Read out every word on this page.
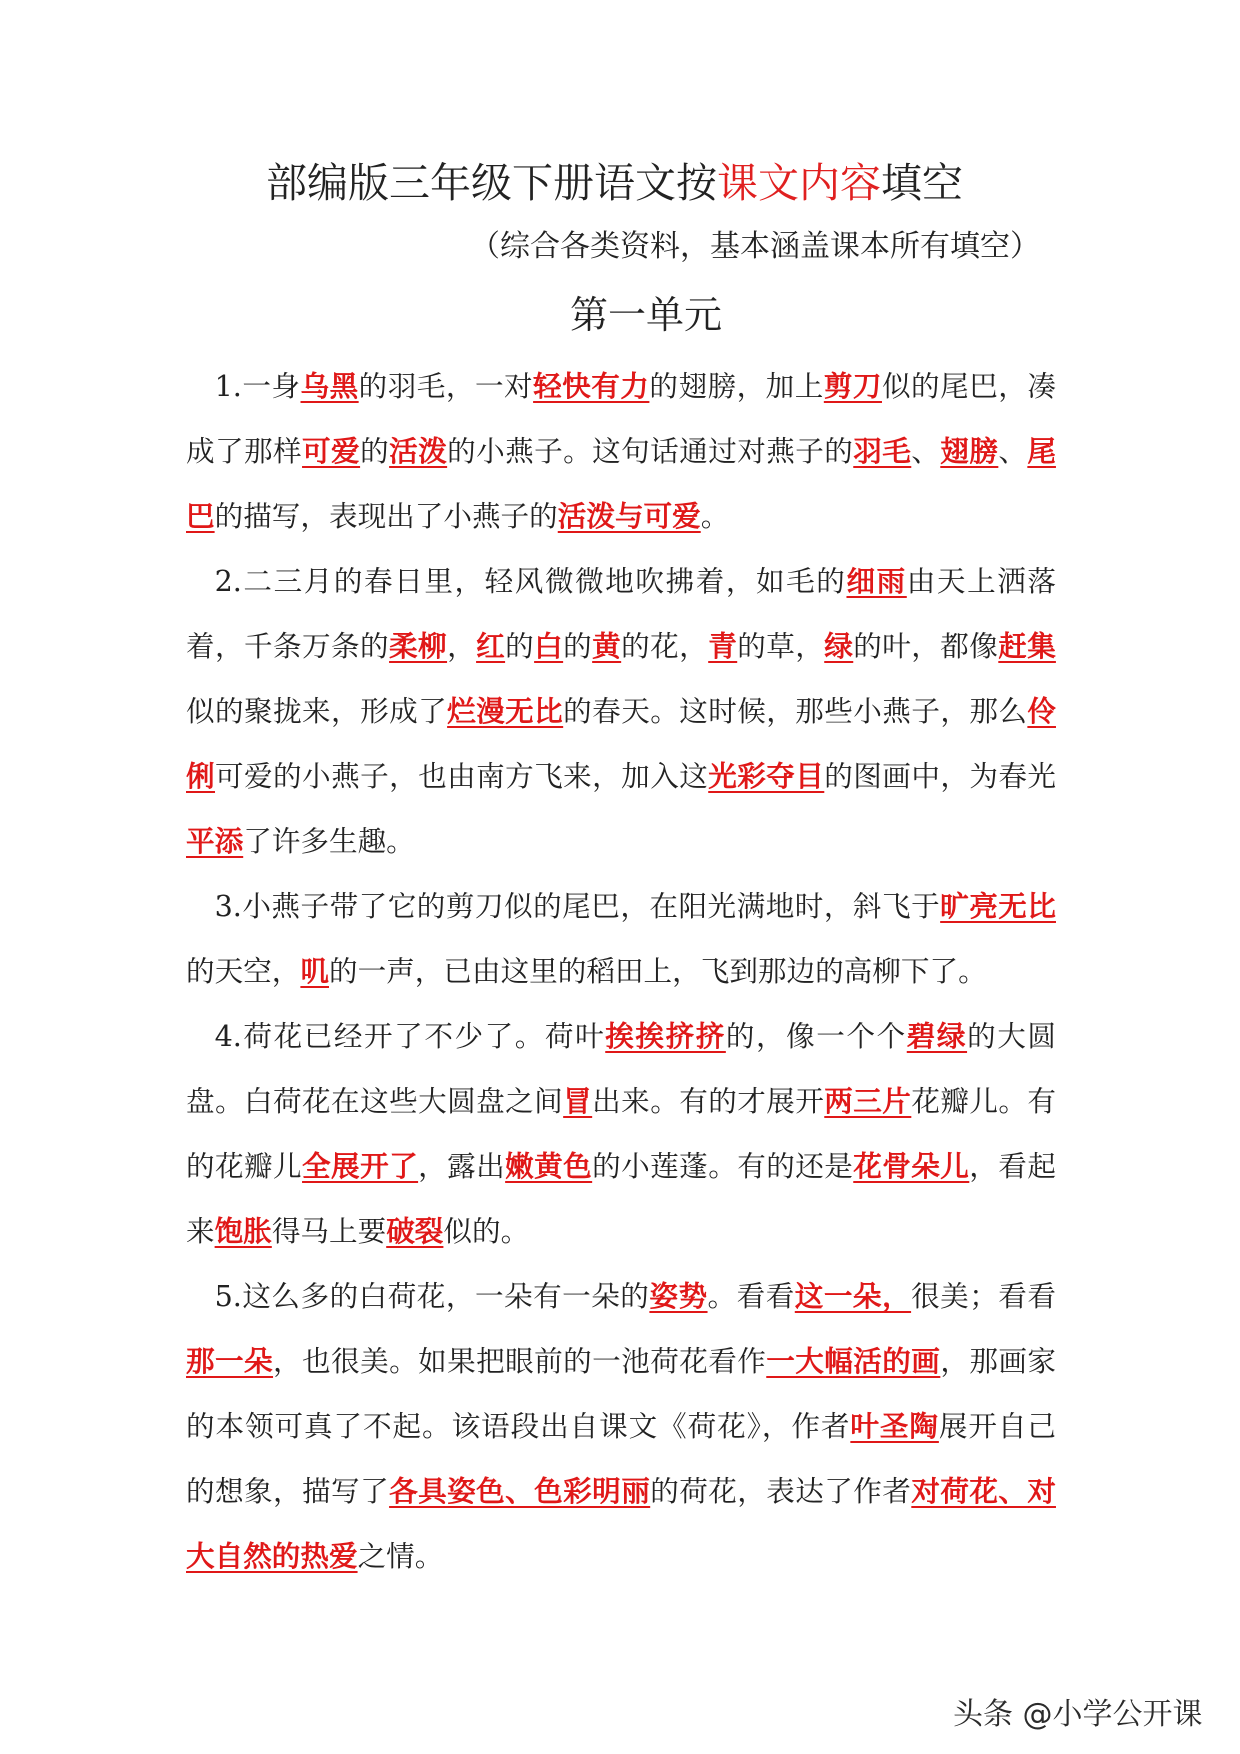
部编版三年级下册语文按课文内容填空
（综合各类资料，基本涵盖课本所有填空）
第一单元

1.一身乌黑的羽毛，一对轻快有力的翅膀，加上剪刀似的尾巴，凑成了那样可爱的活泼的小燕子。这句话通过对燕子的羽毛、翅膀、尾巴的描写，表现出了小燕子的活泼与可爱。

2.二三月的春日里，轻风微微地吹拂着，如毛的细雨由天上洒落着，千条万条的柔柳，红的白的黄的花，青的草，绿的叶，都像赶集似的聚拢来，形成了烂漫无比的春天。这时候，那些小燕子，那么伶俐可爱的小燕子，也由南方飞来，加入这光彩夺目的图画中，为春光平添了许多生趣。

3.小燕子带了它的剪刀似的尾巴，在阳光满地时，斜飞于旷亮无比的天空，叽的一声，已由这里的稻田上，飞到那边的高柳下了。

4.荷花已经开了不少了。荷叶挨挨挤挤的，像一个个碧绿的大圆盘。白荷花在这些大圆盘之间冒出来。有的才展开两三片花瓣儿。有的花瓣儿全展开了，露出嫩黄色的小莲蓬。有的还是花骨朵儿，看起来饱胀得马上要破裂似的。

5.这么多的白荷花，一朵有一朵的姿势。看看这一朵，很美；看看那一朵，也很美。如果把眼前的一池荷花看作一大幅活的画，那画家的本领可真了不起。该语段出自课文《荷花》，作者叶圣陶展开自己的想象，描写了各具姿色、色彩明丽的荷花，表达了作者对荷花、对大自然的热爱之情。

头条 @小学公开课
